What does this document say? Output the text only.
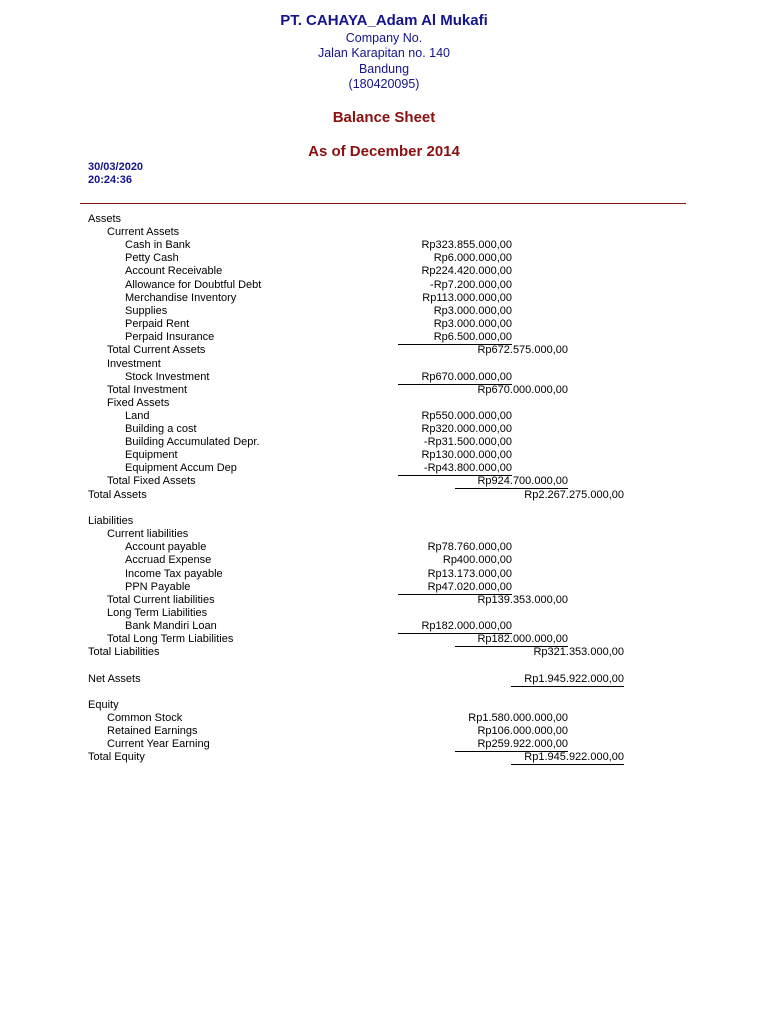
PT. CAHAYA_Adam Al Mukafi
Company No.
Jalan Karapitan no. 140
Bandung
(180420095)
Balance Sheet
As of December 2014
30/03/2020
20:24:36
Assets
Current Assets
Cash in Bank	Rp323.855.000,00
Petty Cash	Rp6.000.000,00
Account Receivable	Rp224.420.000,00
Allowance for Doubtful Debt	-Rp7.200.000,00
Merchandise Inventory	Rp113.000.000,00
Supplies	Rp3.000.000,00
Perpaid Rent	Rp3.000.000,00
Perpaid Insurance	Rp6.500.000,00
Total Current Assets	Rp672.575.000,00
Investment
Stock Investment	Rp670.000.000,00
Total Investment	Rp670.000.000,00
Fixed Assets
Land	Rp550.000.000,00
Building a cost	Rp320.000.000,00
Building Accumulated Depr.	-Rp31.500.000,00
Equipment	Rp130.000.000,00
Equipment Accum Dep	-Rp43.800.000,00
Total Fixed Assets	Rp924.700.000,00
Total Assets	Rp2.267.275.000,00
Liabilities
Current liabilities
Account payable	Rp78.760.000,00
Accruad Expense	Rp400.000,00
Income Tax payable	Rp13.173.000,00
PPN Payable	Rp47.020.000,00
Total Current liabilities	Rp139.353.000,00
Long Term Liabilities
Bank Mandiri Loan	Rp182.000.000,00
Total Long Term Liabilities	Rp182.000.000,00
Total Liabilities	Rp321.353.000,00
Net Assets	Rp1.945.922.000,00
Equity
Common Stock	Rp1.580.000.000,00
Retained Earnings	Rp106.000.000,00
Current Year Earning	Rp259.922.000,00
Total Equity	Rp1.945.922.000,00
